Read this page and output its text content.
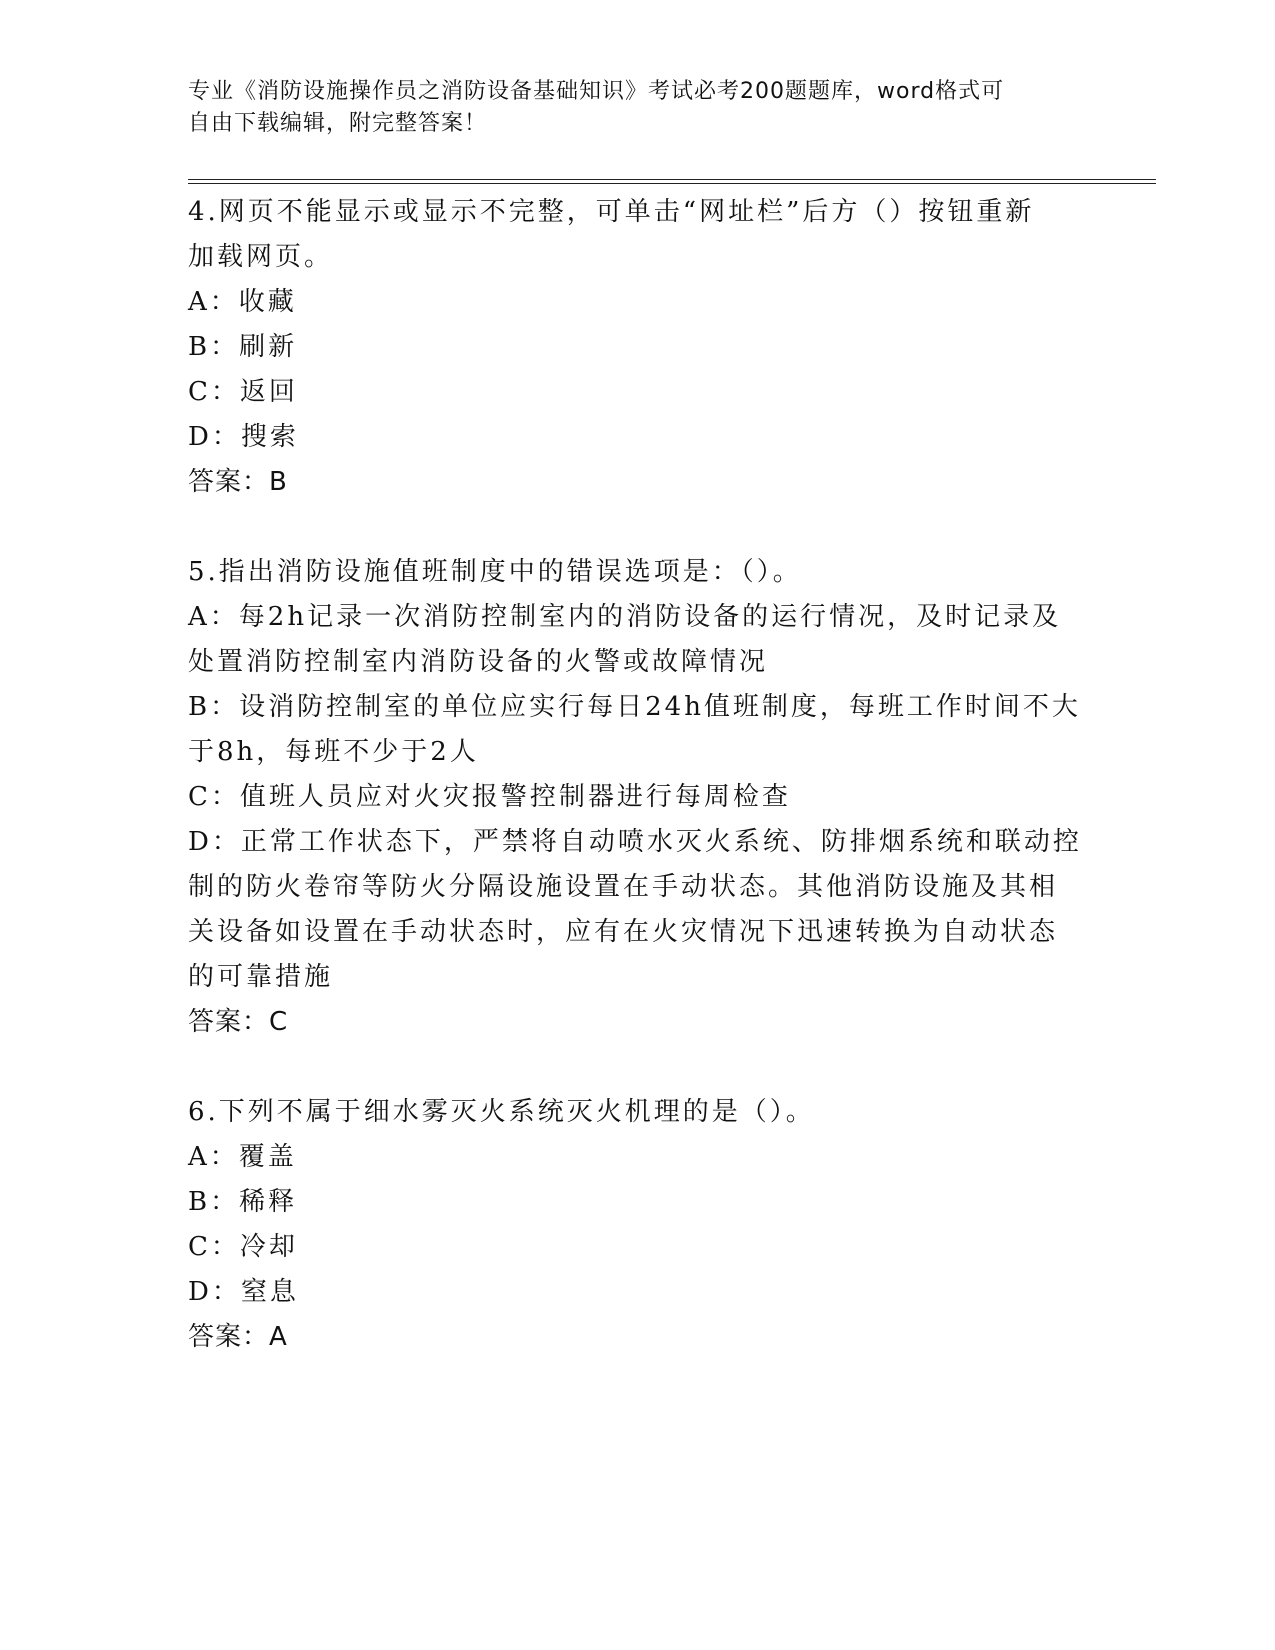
专业《消防设施操作员之消防设备基础知识》考试必考200题题库，word格式可

自由下载编辑，附完整答案！

4.网页不能显示或显示不完整，可单击“网址栏”后方（）按钮重新

加载网页。

A：收藏

B：刷新

C：返回

D：搜索

答案：B

5.指出消防设施值班制度中的错误选项是：（）。

A：每2h记录一次消防控制室内的消防设备的运行情况，及时记录及

处置消防控制室内消防设备的火警或故障情况

B：设消防控制室的单位应实行每日24h值班制度，每班工作时间不大

于8h，每班不少于2人

C：值班人员应对火灾报警控制器进行每周检查

D：正常工作状态下，严禁将自动喷水灭火系统、防排烟系统和联动控

制的防火卷帘等防火分隔设施设置在手动状态。其他消防设施及其相

关设备如设置在手动状态时，应有在火灾情况下迅速转换为自动状态

的可靠措施

答案：C

6.下列不属于细水雾灭火系统灭火机理的是（）。

A：覆盖

B：稀释

C：冷却

D：窒息

答案：A
